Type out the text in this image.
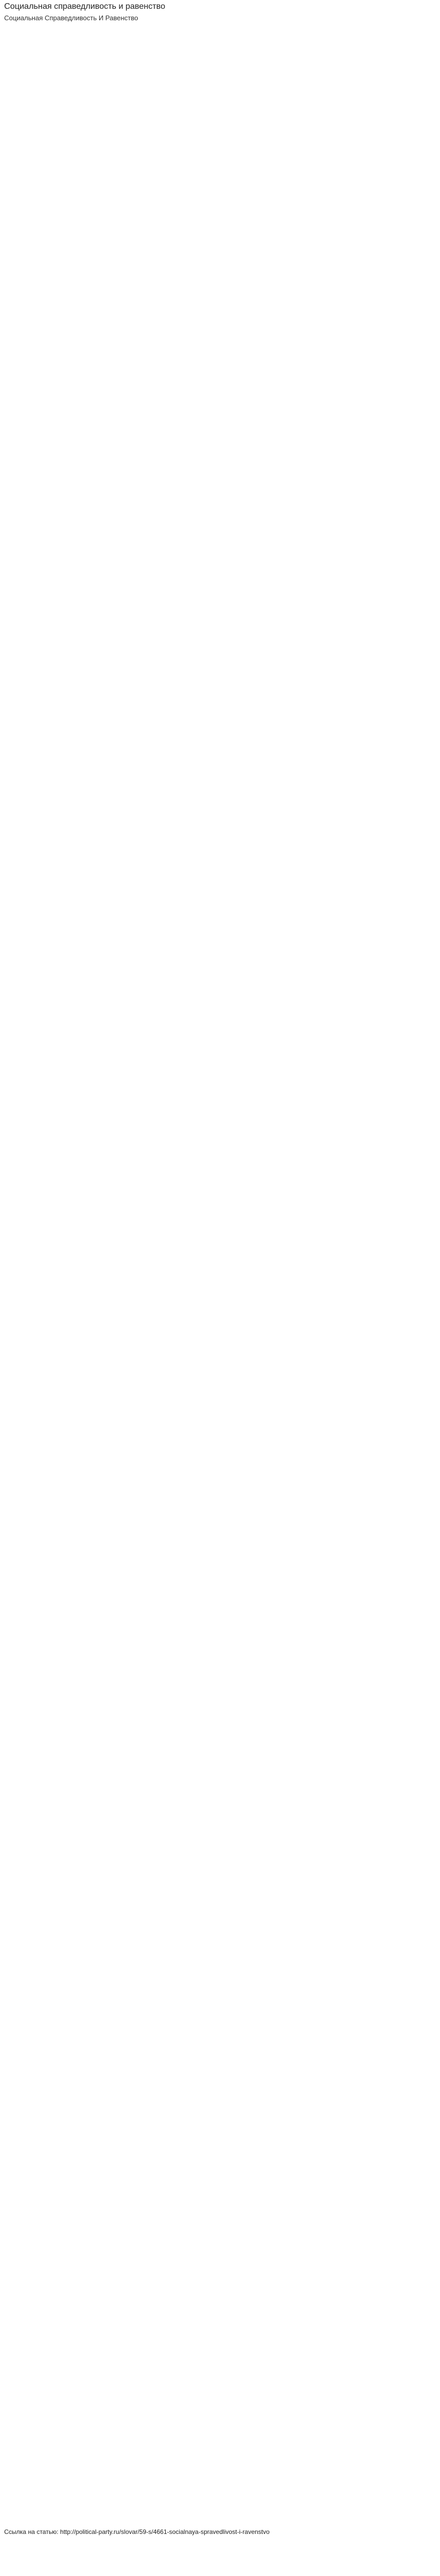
Социальная справедливость и равенство
Социальная Справедливость И Равенство
Ссылка на статью: http://political-party.ru/slovar/59-s/4661-socialnaya-spravedlivost-i-ravenstvo
